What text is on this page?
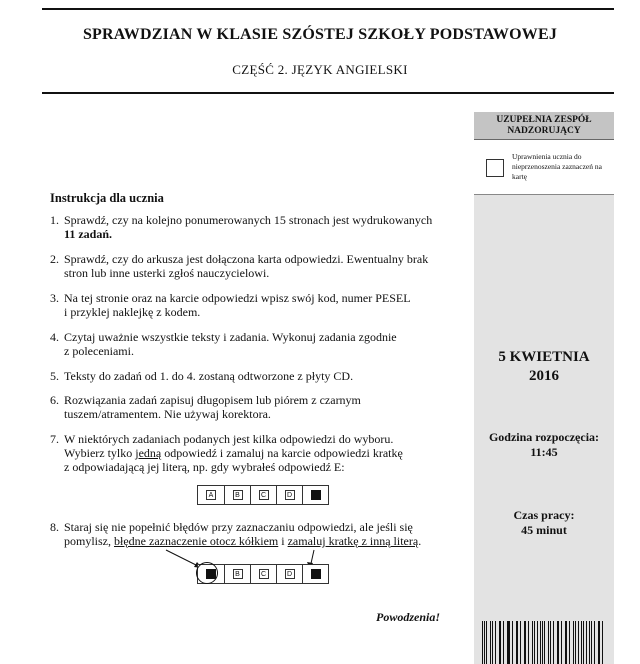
SPRAWDZIAN W KLASIE SZÓSTEJ SZKOŁY PODSTAWOWEJ
CZĘŚĆ 2. JĘZYK ANGIELSKI
UZUPEŁNIA ZESPÓŁ NADZORUJĄCY
Uprawnienia ucznia do nieprzenoszenia zaznaczeń na kartę
5 KWIETNIA
2016
Godzina rozpoczęcia:
11:45
Czas pracy:
45 minut
Instrukcja dla ucznia
1. Sprawdź, czy na kolejno ponumerowanych 15 stronach jest wydrukowanych
11 zadań.
2. Sprawdź, czy do arkusza jest dołączona karta odpowiedzi. Ewentualny brak
stron lub inne usterki zgłoś nauczycielowi.
3. Na tej stronie oraz na karcie odpowiedzi wpisz swój kod, numer PESEL
i przyklej naklejkę z kodem.
4. Czytaj uważnie wszystkie teksty i zadania. Wykonuj zadania zgodnie
z poleceniami.
5. Teksty do zadań od 1. do 4. zostaną odtworzone z płyty CD.
6. Rozwiązania zadań zapisuj długopisem lub piórem z czarnym
tuszem/atramentem. Nie używaj korektora.
7. W niektórych zadaniach podanych jest kilka odpowiedzi do wyboru.
Wybierz tylko jedną odpowiedź i zamaluj na karcie odpowiedzi kratkę
z odpowiadającą jej literą, np. gdy wybrałeś odpowiedź E:
A	B	C	D
8. Staraj się nie popełnić błędów przy zaznaczaniu odpowiedzi, ale jeśli się
pomylisz, błędne zaznaczenie otocz kółkiem i zamaluj kratkę z inną literą.
B	C	D
Powodzenia!
